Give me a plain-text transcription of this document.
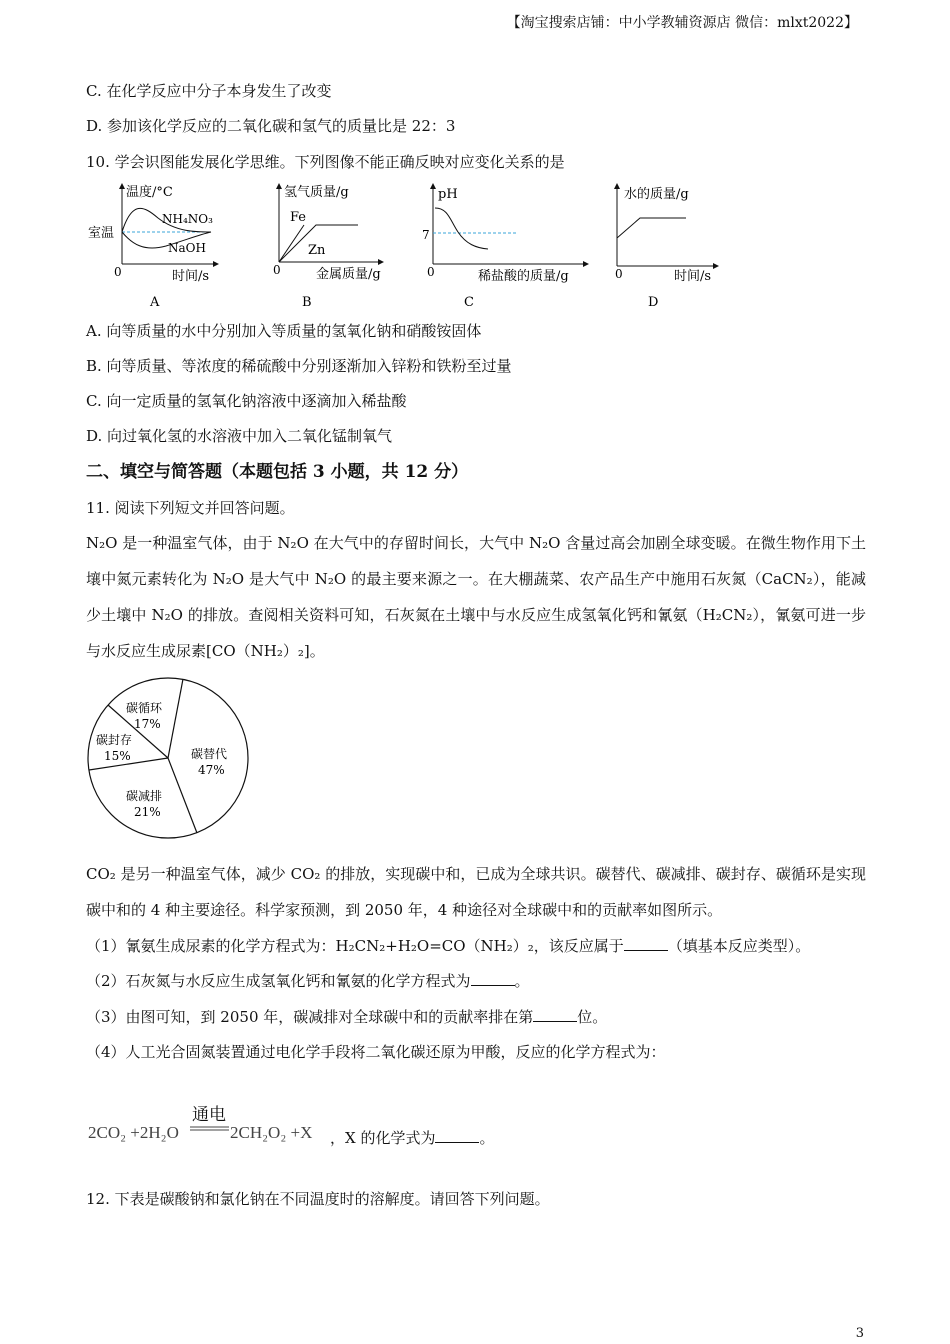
【淘宝搜索店铺：中小学教辅资源店 微信：mlxt2022】
C. 在化学反应中分子本身发生了改变
D. 参加该化学反应的二氧化碳和氢气的质量比是 22：3
10. 学会识图能发展化学思维。下列图像不能正确反映对应变化关系的是
温度/°C
室温
NH₄NO₃
NaOH
0	时间/s
A
氢气质量/g
Fe
Zn
0	金属质量/g
B
pH
7
0	稀盐酸的质量/g
C
水的质量/g
0	时间/s
D
A. 向等质量的水中分别加入等质量的氢氧化钠和硝酸铵固体
B. 向等质量、等浓度的稀硫酸中分别逐渐加入锌粉和铁粉至过量
C. 向一定质量的氢氧化钠溶液中逐滴加入稀盐酸
D. 向过氧化氢的水溶液中加入二氧化锰制氧气
二、填空与简答题（本题包括 3 小题，共 12 分）
11. 阅读下列短文并回答问题。
N₂O 是一种温室气体，由于 N₂O 在大气中的存留时间长，大气中 N₂O 含量过高会加剧全球变暖。在微生物作用下土壤中氮元素转化为 N₂O 是大气中 N₂O 的最主要来源之一。在大棚蔬菜、农产品生产中施用石灰氮（CaCN₂），能减少土壤中 N₂O 的排放。查阅相关资料可知，石灰氮在土壤中与水反应生成氢氧化钙和氰氨（H₂CN₂），氰氨可进一步与水反应生成尿素[CO（NH₂）₂]。
碳替代
47%
碳减排
21%
碳封存
15%
碳循环
17%
CO₂ 是另一种温室气体，减少 CO₂ 的排放，实现碳中和，已成为全球共识。碳替代、碳减排、碳封存、碳循环是实现碳中和的 4 种主要途径。科学家预测，到 2050 年，4 种途径对全球碳中和的贡献率如图所示。
（1）氰氨生成尿素的化学方程式为：H₂CN₂+H₂O=CO（NH₂）₂，该反应属于	（填基本反应类型）。
（2）石灰氮与水反应生成氢氧化钙和氰氨的化学方程式为	。
（3）由图可知，到 2050 年，碳减排对全球碳中和的贡献率排在第	位。
（4）人工光合固氮装置通过电化学手段将二氧化碳还原为甲酸，反应的化学方程式为：
2CO₂ +2H₂O
通电
2CH₂O₂ +X ，X 的化学式为	。
12. 下表是碳酸钠和氯化钠在不同温度时的溶解度。请回答下列问题。
3
